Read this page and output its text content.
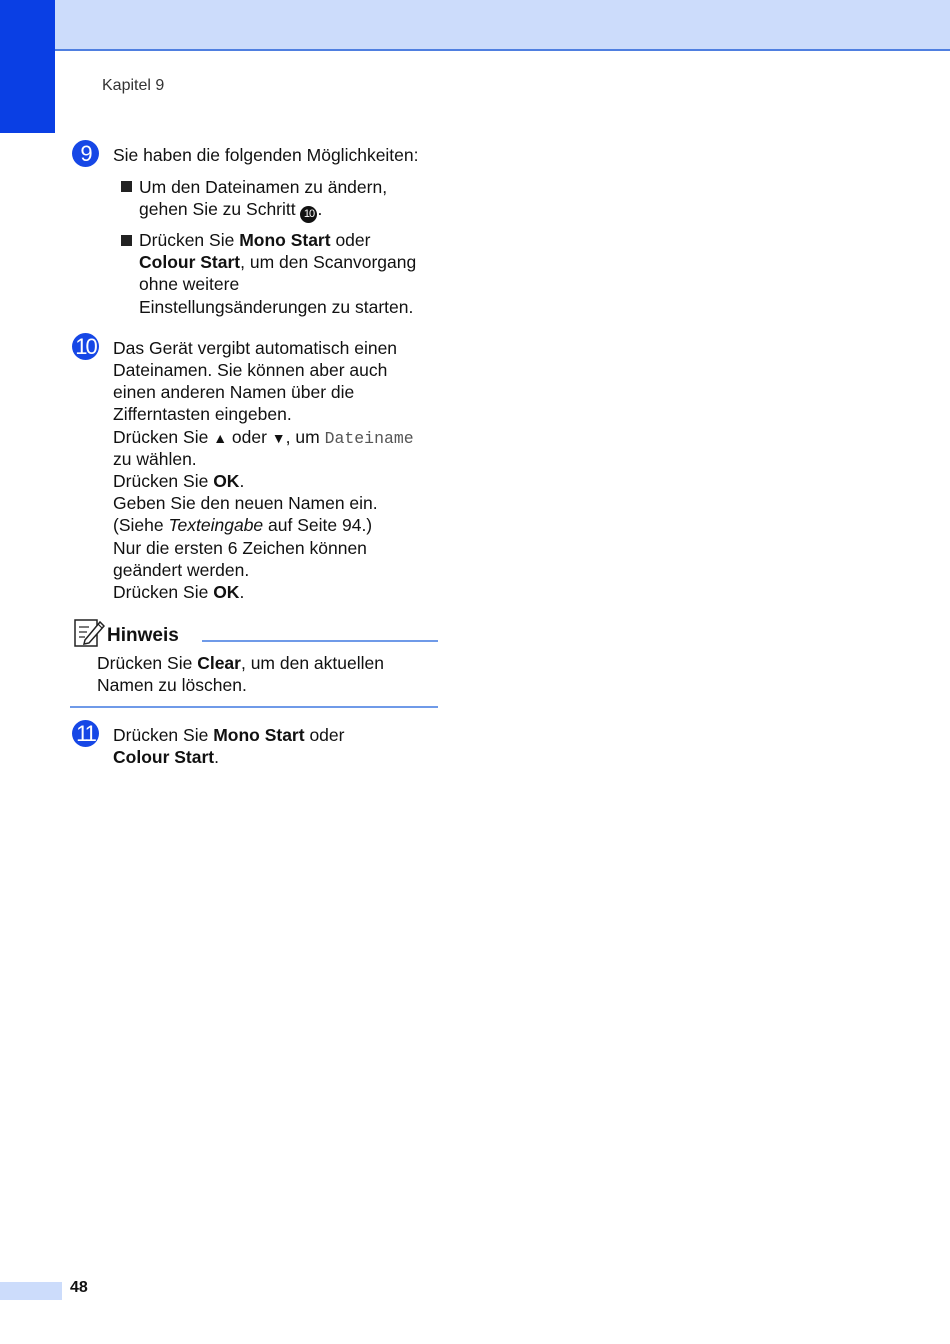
Kapitel 9
9	Sie haben die folgenden Möglichkeiten:
Um den Dateinamen zu ändern,
gehen Sie zu Schritt 10 .
Drücken Sie Mono Start oder
Colour Start, um den Scanvorgang
ohne weitere
Einstellungsänderungen zu starten.
10 Das Gerät vergibt automatisch einen
Dateinamen. Sie können aber auch
einen anderen Namen über die
Zifferntasten eingeben.
Drücken Sie ▲ oder ▼, um Dateiname
zu wählen.
Drücken Sie OK.
Geben Sie den neuen Namen ein.
(Siehe Texteingabe auf Seite 94.)
Nur die ersten 6 Zeichen können
geändert werden.
Drücken Sie OK.
Hinweis
Drücken Sie Clear, um den aktuellen
Namen zu löschen.
11 Drücken Sie Mono Start oder
Colour Start.
48
